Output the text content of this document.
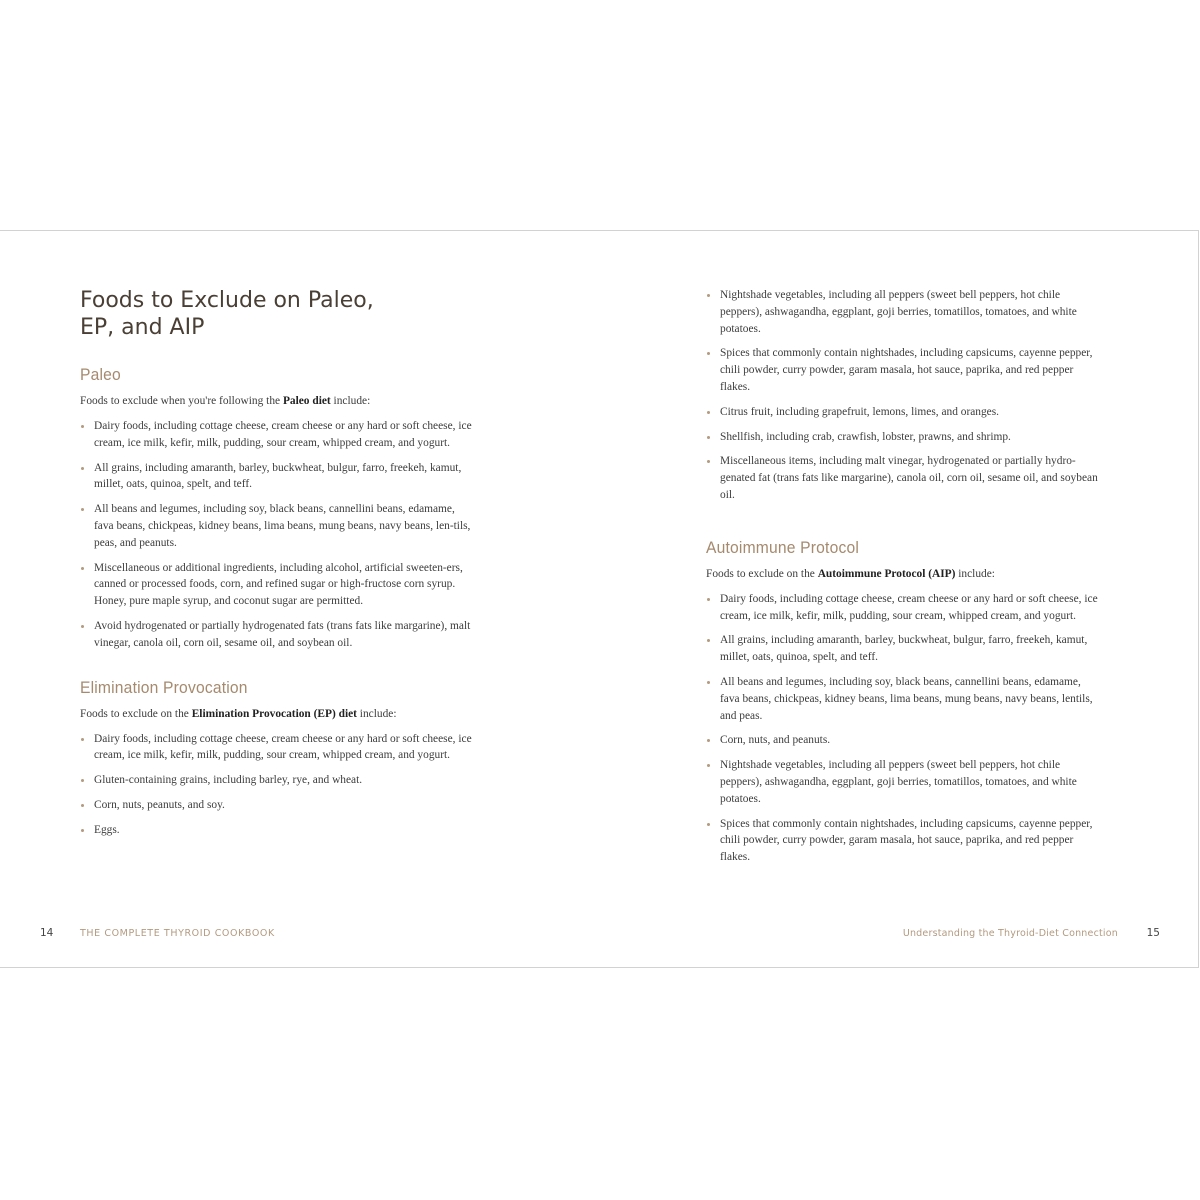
Foods to Exclude on Paleo,
EP, and AIP
Paleo

Foods to exclude when you're following the Paleo diet include:

Dairy foods, including cottage cheese, cream cheese or any hard or soft cheese, ice cream, ice milk, kefir, milk, pudding, sour cream, whipped cream, and yogurt.
All grains, including amaranth, barley, buckwheat, bulgur, farro, freekeh, kamut, millet, oats, quinoa, spelt, and teff.
All beans and legumes, including soy, black beans, cannellini beans, edamame, fava beans, chickpeas, kidney beans, lima beans, mung beans, navy beans, len-tils, peas, and peanuts.
Miscellaneous or additional ingredients, including alcohol, artificial sweeten-ers, canned or processed foods, corn, and refined sugar or high-fructose corn syrup. Honey, pure maple syrup, and coconut sugar are permitted.
Avoid hydrogenated or partially hydrogenated fats (trans fats like margarine), malt vinegar, canola oil, corn oil, sesame oil, and soybean oil.
Elimination Provocation

Foods to exclude on the Elimination Provocation (EP) diet include:

Dairy foods, including cottage cheese, cream cheese or any hard or soft cheese, ice cream, ice milk, kefir, milk, pudding, sour cream, whipped cream, and yogurt.
Gluten-containing grains, including barley, rye, and wheat.
Corn, nuts, peanuts, and soy.
Eggs.
Nightshade vegetables, including all peppers (sweet bell peppers, hot chile peppers), ashwagandha, eggplant, goji berries, tomatillos, tomatoes, and white potatoes.
Spices that commonly contain nightshades, including capsicums, cayenne pepper, chili powder, curry powder, garam masala, hot sauce, paprika, and red pepper flakes.
Citrus fruit, including grapefruit, lemons, limes, and oranges.
Shellfish, including crab, crawfish, lobster, prawns, and shrimp.
Miscellaneous items, including malt vinegar, hydrogenated or partially hydro-genated fat (trans fats like margarine), canola oil, corn oil, sesame oil, and soybean oil.
Autoimmune Protocol

Foods to exclude on the Autoimmune Protocol (AIP) include:

Dairy foods, including cottage cheese, cream cheese or any hard or soft cheese, ice cream, ice milk, kefir, milk, pudding, sour cream, whipped cream, and yogurt.
All grains, including amaranth, barley, buckwheat, bulgur, farro, freekeh, kamut, millet, oats, quinoa, spelt, and teff.
All beans and legumes, including soy, black beans, cannellini beans, edamame, fava beans, chickpeas, kidney beans, lima beans, mung beans, navy beans, lentils, and peas.
Corn, nuts, and peanuts.
Nightshade vegetables, including all peppers (sweet bell peppers, hot chile peppers), ashwagandha, eggplant, goji berries, tomatillos, tomatoes, and white potatoes.
Spices that commonly contain nightshades, including capsicums, cayenne pepper, chili powder, curry powder, garam masala, hot sauce, paprika, and red pepper flakes.
14	THE COMPLETE THYROID COOKBOOK	Understanding the Thyroid-Diet Connection	15
